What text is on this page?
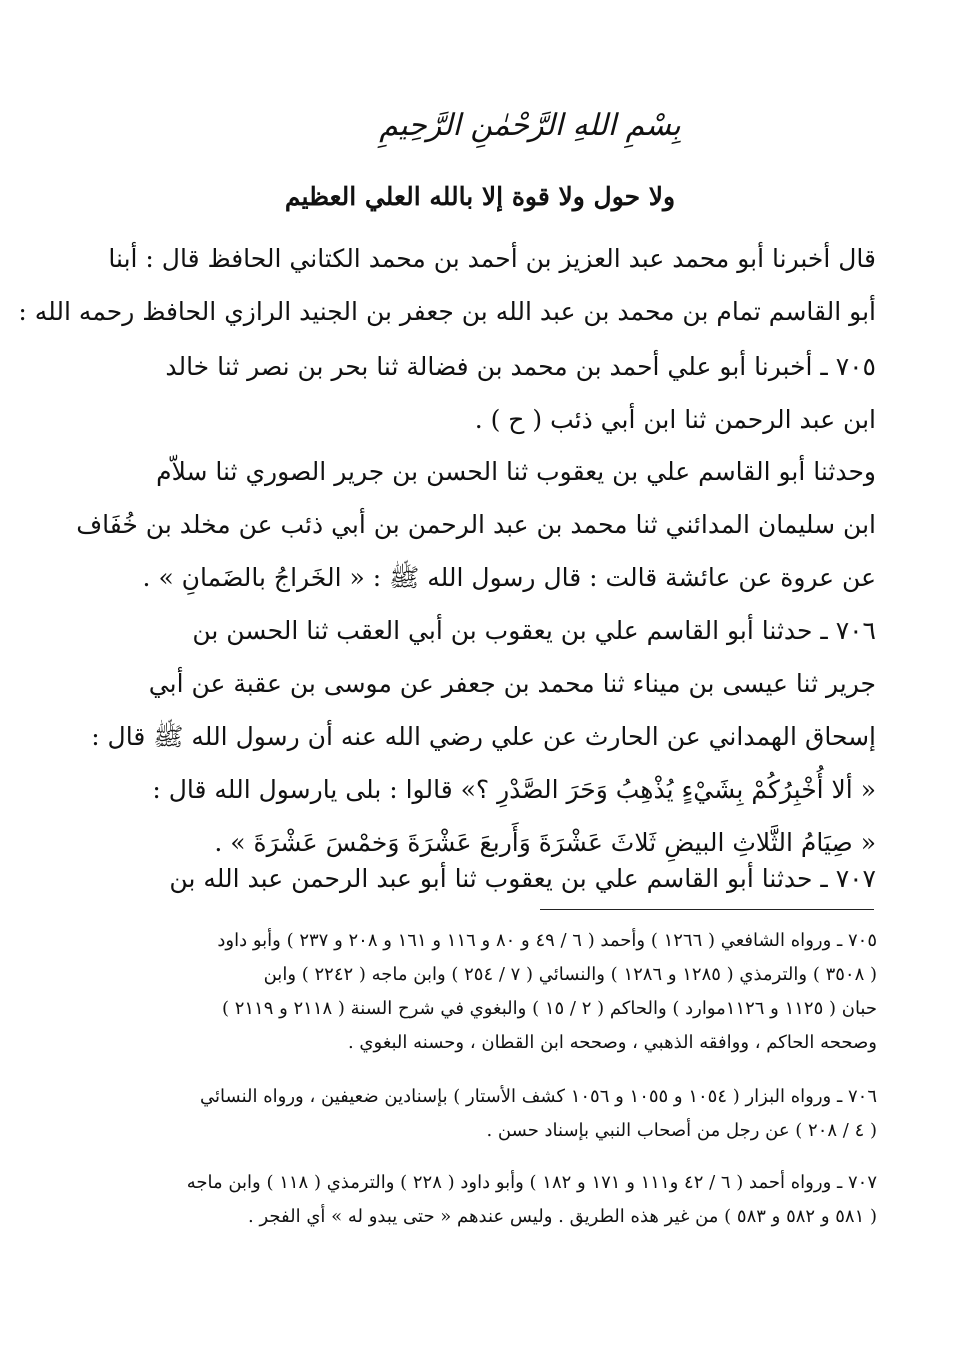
بِسْمِ اللهِ الرَّحْمٰنِ الرَّحِيمِ
ولا حول ولا قوة إلا بالله العلي العظيم
قال أخبرنا أبو محمد عبد العزيز بن أحمد بن محمد الكتاني الحافظ قال : أبنا
أبو القاسم تمام بن محمد بن عبد الله بن جعفر بن الجنيد الرازي الحافظ رحمه الله :
٧٠٥ ـ أخبرنا أبو علي أحمد بن محمد بن فضالة ثنا بحر بن نصر ثنا خالد
ابن عبد الرحمن ثنا ابن أبي ذئب ( ح ) .
وحدثنا أبو القاسم علي بن يعقوب ثنا الحسن بن جرير الصوري ثنا سلاّم
ابن سليمان المدائني ثنا محمد بن عبد الرحمن بن أبي ذئب عن مخلد بن خُفَاف
عن عروة عن عائشة قالت : قال رسول الله ﷺ : « الخَراجُ بالضَمانِ » .
٧٠٦ ـ حدثنا أبو القاسم علي بن يعقوب بن أبي العقب ثنا الحسن بن
جرير ثنا عيسى بن ميناء ثنا محمد بن جعفر عن موسى بن عقبة عن أبي
إسحاق الهمداني عن الحارث عن علي رضي الله عنه أن رسول الله ﷺ قال :
« ألا أُخْبِرُكُمْ بِشَيْءٍ يُذْهِبُ وَحَرَ الصَّدْرِ ؟» قالوا : بلى يارسول الله قال :
« صِيَامُ الثَّلاثِ البيضِ ثَلاثَ عَشْرَةَ وَأَربعَ عَشْرَةَ وَخمْسَ عَشْرَةَ » .
٧٠٧ ـ حدثنا أبو القاسم علي بن يعقوب ثنا أبو عبد الرحمن عبد الله بن
٧٠٥ ـ ورواه الشافعي ( ١٢٦٦ ) وأحمد ( ٦ / ٤٩ و ٨٠ و ١١٦ و ١٦١ و ٢٠٨ و ٢٣٧ ) وأبو داود
( ٣٥٠٨ ) والترمذي ( ١٢٨٥ و ١٢٨٦ ) والنسائي ( ٧ / ٢٥٤ ) وابن ماجه ( ٢٢٤٢ ) وابن
حبان ( ١١٢٥ و ١١٢٦موارد ) والحاكم ( ٢ / ١٥ ) والبغوي في شرح السنة ( ٢١١٨ و ٢١١٩ )
وصححه الحاكم ، ووافقه الذهبي ، وصححه ابن القطان ، وحسنه البغوي .
٧٠٦ ـ ورواه البزار ( ١٠٥٤ و ١٠٥٥ و ١٠٥٦ كشف الأستار ) بإسنادين ضعيفين ، ورواه النسائي
( ٤ / ٢٠٨ ) عن رجل من أصحاب النبي بإسناد حسن .
٧٠٧ ـ ورواه أحمد ( ٦ / ٤٢ و١١١ و ١٧١ و ١٨٢ ) وأبو داود ( ٢٢٨ ) والترمذي ( ١١٨ ) وابن ماجه
( ٥٨١ و ٥٨٢ و ٥٨٣ ) من غير هذه الطريق . وليس عندهم « حتى يبدو له » أي الفجر .
